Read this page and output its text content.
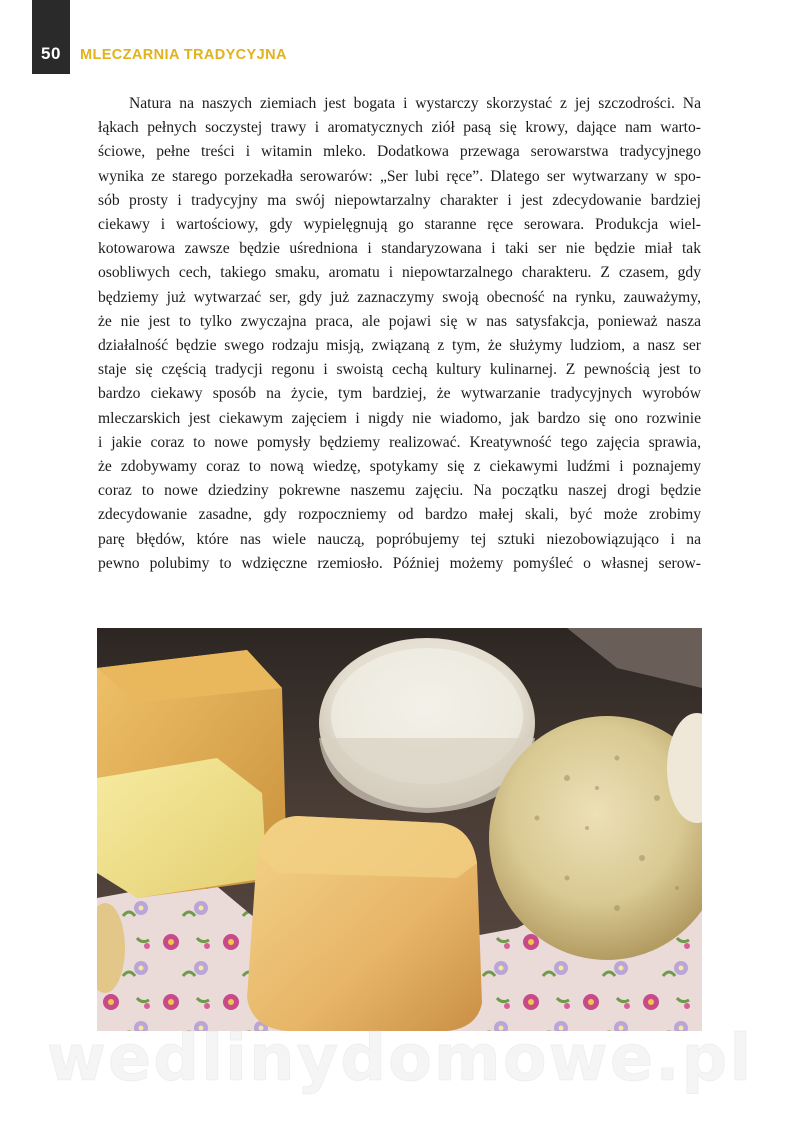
50	MLECZARNIA TRADYCYJNA

Natura na naszych ziemiach jest bogata i wystarczy skorzystać z jej szczodrości. Na
łąkach pełnych soczystej trawy i aromatycznych ziół pasą się krowy, dające nam warto-
ściowe, pełne treści i witamin mleko. Dodatkowa przewaga serowarstwa tradycyjnego
wynika ze starego porzekadła serowarów: „Ser lubi ręce”. Dlatego ser wytwarzany w spo-
sób prosty i tradycyjny ma swój niepowtarzalny charakter i jest zdecydowanie bardziej
ciekawy i wartościowy, gdy wypielęgnują go staranne ręce serowara. Produkcja wiel-
kotowarowa zawsze będzie uśredniona i standaryzowana i taki ser nie będzie miał tak
osobliwych cech, takiego smaku, aromatu i niepowtarzalnego charakteru. Z czasem, gdy
będziemy już wytwarzać ser, gdy już zaznaczymy swoją obecność na rynku, zauważymy,
że nie jest to tylko zwyczajna praca, ale pojawi się w nas satysfakcja, ponieważ nasza
działalność będzie swego rodzaju misją, związaną z tym, że służymy ludziom, a nasz ser
staje się częścią tradycji regonu i swoistą cechą kultury kulinarnej. Z pewnością jest to
bardzo ciekawy sposób na życie, tym bardziej, że wytwarzanie tradycyjnych wyrobów
mleczarskich jest ciekawym zajęciem i nigdy nie wiadomo, jak bardzo się ono rozwinie
i jakie coraz to nowe pomysły będziemy realizować. Kreatywność tego zajęcia sprawia,
że zdobywamy coraz to nową wiedzę, spotykamy się z ciekawymi ludźmi i poznajemy
coraz to nowe dziedziny pokrewne naszemu zajęciu. Na początku naszej drogi będzie
zdecydowanie zasadne, gdy rozpoczniemy od bardzo małej skali, być może zrobimy
parę błędów, które nas wiele nauczą, popróbujemy tej sztuki niezobowiązująco i na
pewno polubimy to wdzięczne rzemiosło. Później możemy pomyśleć o własnej serow-

wedlinydomowe.pl
